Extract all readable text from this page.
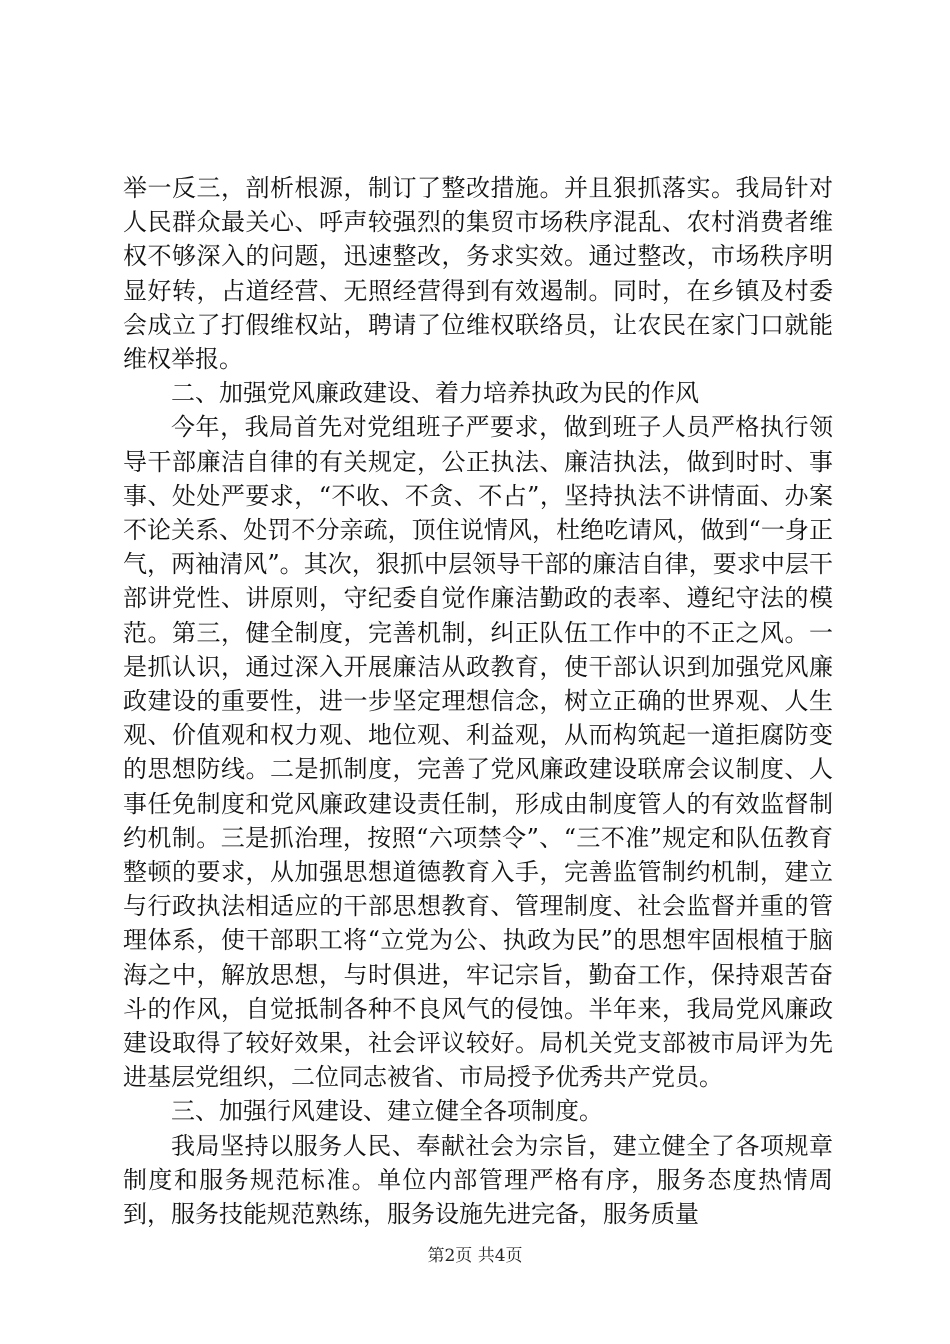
举一反三，剖析根源，制订了整改措施。并且狠抓落实。我局针对人民群众最关心、呼声较强烈的集贸市场秩序混乱、农村消费者维权不够深入的问题，迅速整改，务求实效。通过整改，市场秩序明显好转，占道经营、无照经营得到有效遏制。同时，在乡镇及村委会成立了打假维权站，聘请了位维权联络员，让农民在家门口就能维权举报。

二、加强党风廉政建设、着力培养执政为民的作风

今年，我局首先对党组班子严要求，做到班子人员严格执行领导干部廉洁自律的有关规定，公正执法、廉洁执法，做到时时、事事、处处严要求，“不收、不贪、不占”，坚持执法不讲情面、办案不论关系、处罚不分亲疏，顶住说情风，杜绝吃请风，做到“一身正气，两袖清风”。其次，狠抓中层领导干部的廉洁自律，要求中层干部讲党性、讲原则，守纪委自觉作廉洁勤政的表率、遵纪守法的模范。第三，健全制度，完善机制，纠正队伍工作中的不正之风。一是抓认识，通过深入开展廉洁从政教育，使干部认识到加强党风廉政建设的重要性，进一步坚定理想信念，树立正确的世界观、人生观、价值观和权力观、地位观、利益观，从而构筑起一道拒腐防变的思想防线。二是抓制度，完善了党风廉政建设联席会议制度、人事任免制度和党风廉政建设责任制，形成由制度管人的有效监督制约机制。三是抓治理，按照“六项禁令”、“三不准”规定和队伍教育整顿的要求，从加强思想道德教育入手，完善监管制约机制，建立与行政执法相适应的干部思想教育、管理制度、社会监督并重的管理体系，使干部职工将“立党为公、执政为民”的思想牢固根植于脑海之中，解放思想，与时俱进，牢记宗旨，勤奋工作，保持艰苦奋斗的作风，自觉抵制各种不良风气的侵蚀。半年来，我局党风廉政建设取得了较好效果，社会评议较好。局机关党支部被市局评为先进基层党组织，二位同志被省、市局授予优秀共产党员。

三、加强行风建设、建立健全各项制度。

我局坚持以服务人民、奉献社会为宗旨，建立健全了各项规章制度和服务规范标准。单位内部管理严格有序，服务态度热情周到，服务技能规范熟练，服务设施先进完备，服务质量

第2页 共4页
